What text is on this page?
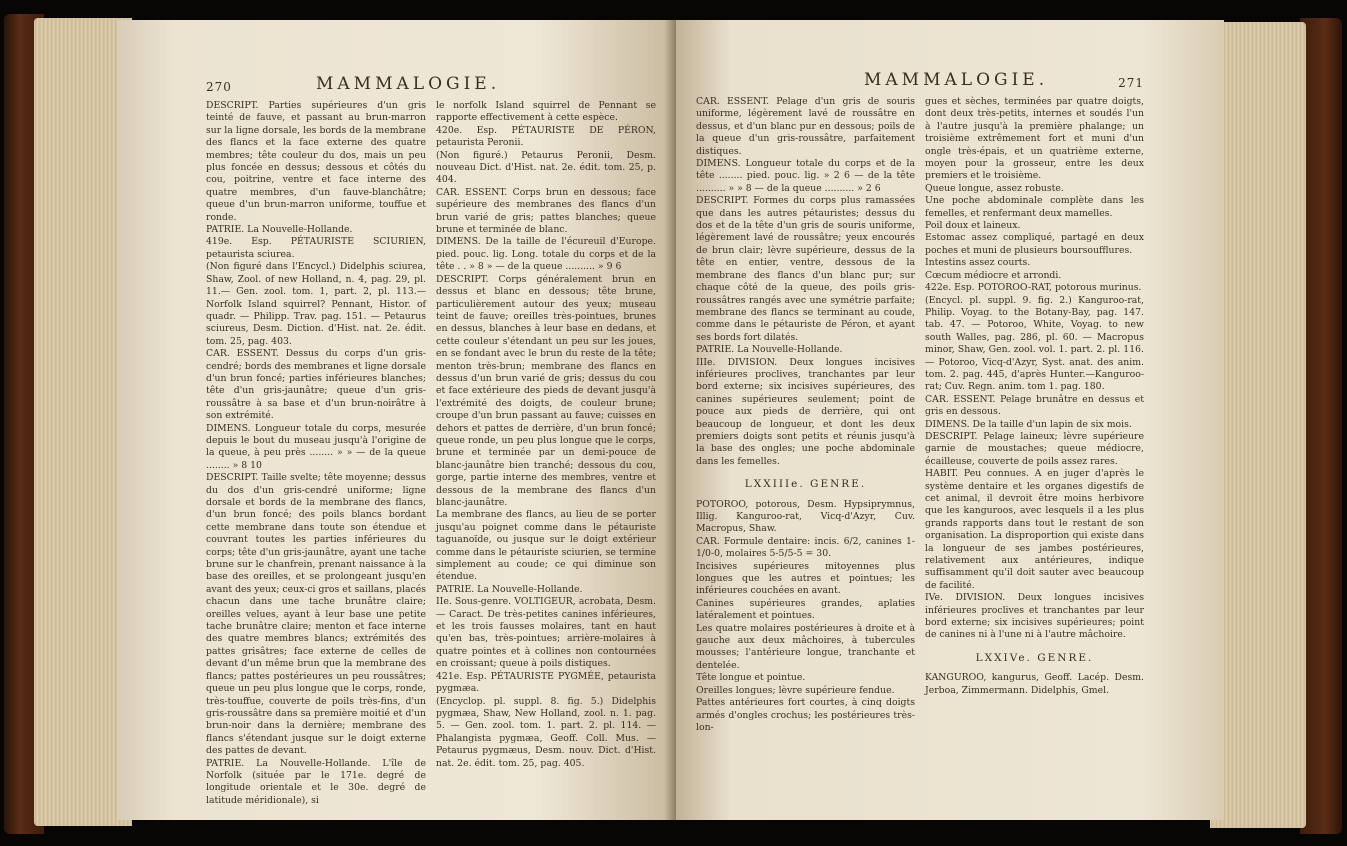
270	MAMMALOGIE.

DESCRIPT. Parties supérieures d'un gris teinté de fauve, et passant au brun-marron sur la ligne dorsale, les bords de la membrane des flancs et la face externe des quatre membres; tête couleur du dos, mais un peu plus foncée en dessus; dessous et côtés du cou, poitrine, ventre et face interne des quatre membres, d'un fauve-blanchâtre; queue d'un brun-marron uniforme, touffue et ronde.

PATRIE. La Nouvelle-Hollande.

419e. Esp. PÉTAURISTE SCIURIEN, petaurista sciurea.

(Non figuré dans l'Encycl.) Didelphis sciurea, Shaw, Zool. of new Holland, n. 4, pag. 29, pl. 11.— Gen. zool. tom. 1, part. 2, pl. 113.— Norfolk Island squirrel? Pennant, Histor. of quadr. — Philipp. Trav. pag. 151. — Petaurus sciureus, Desm. Diction. d'Hist. nat. 2e. édit. tom. 25, pag. 403.

CAR. ESSENT. Dessus du corps d'un gris-cendré; bords des membranes et ligne dorsale d'un brun foncé; parties inférieures blanches; tête d'un gris-jaunâtre; queue d'un gris-roussâtre à sa base et d'un brun-noirâtre à son extrémité.

DIMENS. Longueur totale du corps, mesurée depuis le bout du museau jusqu'à l'origine de la queue, à peu près ........ » » — de la queue ........ » 8 10

DESCRIPT. Taille svelte; tête moyenne; dessus du dos d'un gris-cendré uniforme; ligne dorsale et bords de la membrane des flancs, d'un brun foncé; des poils blancs bordant cette membrane dans toute son étendue et couvrant toutes les parties inférieures du corps; tête d'un gris-jaunâtre, ayant une tache brune sur le chanfrein, prenant naissance à la base des oreilles, et se prolongeant jusqu'en avant des yeux; ceux-ci gros et saillans, placés chacun dans une tache brunâtre claire; oreilles velues, ayant à leur base une petite tache brunâtre claire; menton et face interne des quatre membres blancs; extrémités des pattes grisâtres; face externe de celles de devant d'un même brun que la membrane des flancs; pattes postérieures un peu roussâtres; queue un peu plus longue que le corps, ronde, très-touffue, couverte de poils très-fins, d'un gris-roussâtre dans sa première moitié et d'un brun-noir dans la dernière; membrane des flancs s'étendant jusque sur le doigt externe des pattes de devant.

PATRIE. La Nouvelle-Hollande. L'île de Norfolk (située par le 171e. degré de longitude orientale et le 30e. degré de latitude méridionale), si

le norfolk Island squirrel de Pennant se rapporte effectivement à cette espèce.

420e. Esp. PÉTAURISTE DE PÉRON, petaurista Peronii.

(Non figuré.) Petaurus Peronii, Desm. nouveau Dict. d'Hist. nat. 2e. édit. tom. 25, p. 404.

CAR. ESSENT. Corps brun en dessous; face supérieure des membranes des flancs d'un brun varié de gris; pattes blanches; queue brune et terminée de blanc.

DIMENS. De la taille de l'écureuil d'Europe. pied. pouc. lig. Long. totale du corps et de la tête . . » 8 » — de la queue .......... » 9 6

DESCRIPT. Corps généralement brun en dessus et blanc en dessous; tête brune, particulièrement autour des yeux; museau teint de fauve; oreilles très-pointues, brunes en dessus, blanches à leur base en dedans, et cette couleur s'étendant un peu sur les joues, en se fondant avec le brun du reste de la tête; menton très-brun; membrane des flancs en dessus d'un brun varié de gris; dessus du cou et face extérieure des pieds de devant jusqu'à l'extrémité des doigts, de couleur brune; croupe d'un brun passant au fauve; cuisses en dehors et pattes de derrière, d'un brun foncé; queue ronde, un peu plus longue que le corps, brune et terminée par un demi-pouce de blanc-jaunâtre bien tranché; dessous du cou, gorge, partie interne des membres, ventre et dessous de la membrane des flancs d'un blanc-jaunâtre.

La membrane des flancs, au lieu de se porter jusqu'au poignet comme dans le pétauriste taguanoïde, ou jusque sur le doigt extérieur comme dans le pétauriste sciurien, se termine simplement au coude; ce qui diminue son étendue.

PATRIE. La Nouvelle-Hollande.

IIe. Sous-genre. VOLTIGEUR, acrobata, Desm.— Caract. De très-petites canines inférieures, et les trois fausses molaires, tant en haut qu'en bas, très-pointues; arrière-molaires à quatre pointes et à collines non contournées en croissant; queue à poils distiques.

421e. Esp. PÉTAURISTE PYGMÉE, petaurista pygmæa.

(Encyclop. pl. suppl. 8. fig. 5.) Didelphis pygmæa, Shaw, New Holland, zool. n. 1. pag. 5. — Gen. zool. tom. 1. part. 2. pl. 114. — Phalangista pygmæa, Geoff. Coll. Mus. — Petaurus pygmæus, Desm. nouv. Dict. d'Hist. nat. 2e. édit. tom. 25, pag. 405.

MAMMALOGIE.	271

CAR. ESSENT. Pelage d'un gris de souris uniforme, légèrement lavé de roussâtre en dessus, et d'un blanc pur en dessous; poils de la queue d'un gris-roussâtre, parfaitement distiques.

DIMENS. Longueur totale du corps et de la tête ........ pied. pouc. lig. » 2 6 — de la tête .......... » » 8 — de la queue .......... » 2 6

DESCRIPT. Formes du corps plus ramassées que dans les autres pétauristes; dessus du dos et de la tête d'un gris de souris uniforme, légèrement lavé de roussâtre; yeux encourés de brun clair; lèvre supérieure, dessus de la tête en entier, ventre, dessous de la membrane des flancs d'un blanc pur; sur chaque côté de la queue, des poils gris-roussâtres rangés avec une symétrie parfaite; membrane des flancs se terminant au coude, comme dans le pétauriste de Péron, et ayant ses bords fort dilatés.

PATRIE. La Nouvelle-Hollande.

IIIe. DIVISION. Deux longues incisives inférieures proclives, tranchantes par leur bord externe; six incisives supérieures, des canines supérieures seulement; point de pouce aux pieds de derrière, qui ont beaucoup de longueur, et dont les deux premiers doigts sont petits et réunis jusqu'à la base des ongles; une poche abdominale dans les femelles.

LXXIIIe. GENRE.

POTOROO, potorous, Desm. Hypsiprymnus, Illig. Kanguroo-rat, Vicq-d'Azyr, Cuv. Macropus, Shaw.

CAR. Formule dentaire: incis. 6/2, canines 1-1/0-0, molaires 5-5/5-5 = 30.

Incisives supérieures mitoyennes plus longues que les autres et pointues; les inférieures couchées en avant.

Canines supérieures grandes, aplaties latéralement et pointues.

Les quatre molaires postérieures à droite et à gauche aux deux mâchoires, à tubercules mousses; l'antérieure longue, tranchante et dentelée.

Tête longue et pointue.

Oreilles longues; lèvre supérieure fendue.

Pattes antérieures fort courtes, à cinq doigts armés d'ongles crochus; les postérieures très-lon-

gues et sèches, terminées par quatre doigts, dont deux très-petits, internes et soudés l'un à l'autre jusqu'à la première phalange; un troisième extrêmement fort et muni d'un ongle très-épais, et un quatrième externe, moyen pour la grosseur, entre les deux premiers et le troisième.

Queue longue, assez robuste.

Une poche abdominale complète dans les femelles, et renfermant deux mamelles.

Poil doux et laineux.

Estomac assez compliqué, partagé en deux poches et muni de plusieurs boursoufflures.

Intestins assez courts.

Cœcum médiocre et arrondi.

422e. Esp. POTOROO-RAT, potorous murinus.

(Encycl. pl. suppl. 9. fig. 2.) Kanguroo-rat, Philip. Voyag. to the Botany-Bay, pag. 147. tab. 47. — Potoroo, White, Voyag. to new south Walles, pag. 286, pl. 60. — Macropus minor, Shaw, Gen. zool. vol. 1. part. 2. pl. 116. — Potoroo, Vicq-d'Azyr, Syst. anat. des anim. tom. 2. pag. 445, d'après Hunter.—Kanguroo-rat; Cuv. Regn. anim. tom 1. pag. 180.

CAR. ESSENT. Pelage brunâtre en dessus et gris en dessous.

DIMENS. De la taille d'un lapin de six mois.

DESCRIPT. Pelage laineux; lèvre supérieure garnie de moustaches; queue médiocre, écailleuse, couverte de poils assez rares.

HABIT. Peu connues. A en juger d'après le système dentaire et les organes digestifs de cet animal, il devroit être moins herbivore que les kanguroos, avec lesquels il a les plus grands rapports dans tout le restant de son organisation. La disproportion qui existe dans la longueur de ses jambes postérieures, relativement aux antérieures, indique suffisamment qu'il doit sauter avec beaucoup de facilité.

IVe. DIVISION. Deux longues incisives inférieures proclives et tranchantes par leur bord externe; six incisives supérieures; point de canines ni à l'une ni à l'autre mâchoire.

LXXIVe. GENRE.

KANGUROO, kangurus, Geoff. Lacép. Desm. Jerboa, Zimmermann. Didelphis, Gmel.
